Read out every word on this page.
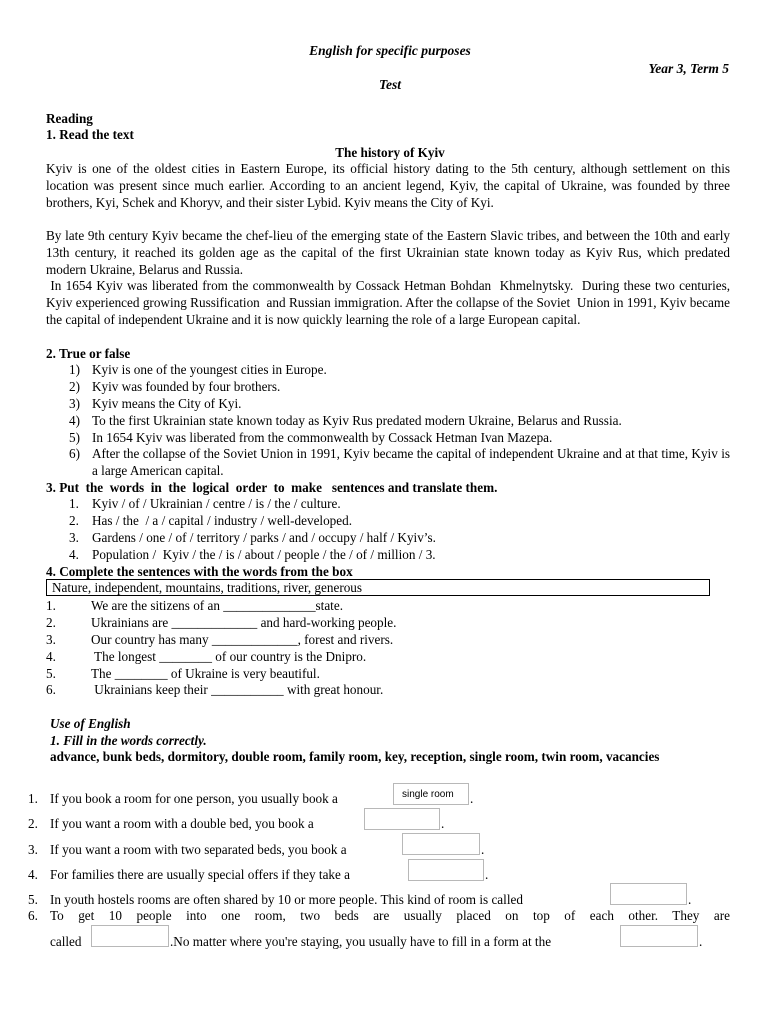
English for specific purposes
Year 3, Term 5
Test
Reading
1. Read the text
The history of Kyiv
Kyiv is one of the oldest cities in Eastern Europe, its official history dating to the 5th century, although settlement on this location was present since much earlier. According to an ancient legend, Kyiv, the capital of Ukraine, was founded by three brothers, Kyi, Schek and Khoryv, and their sister Lybid. Kyiv means the City of Kyi.
By late 9th century Kyiv became the chef-lieu of the emerging state of the Eastern Slavic tribes, and between the 10th and early 13th century, it reached its golden age as the capital of the first Ukrainian state known today as Kyiv Rus, which predated modern Ukraine, Belarus and Russia.
In 1654 Kyiv was liberated from the commonwealth by Cossack Hetman Bohdan  Khmelnytsky.  During these two centuries, Kyiv experienced growing Russification  and Russian immigration. After the collapse of the Soviet  Union in 1991, Kyiv became the capital of independent Ukraine and it is now quickly learning the role of a large European capital.
2. True or false
1) Kyiv is one of the youngest cities in Europe.
2) Kyiv was founded by four brothers.
3) Kyiv means the City of Kyi.
4) To the first Ukrainian state known today as Kyiv Rus predated modern Ukraine, Belarus and Russia.
5) In 1654 Kyiv was liberated from the commonwealth by Cossack Hetman Ivan Mazepa.
6) After the collapse of the Soviet Union in 1991, Kyiv became the capital of independent Ukraine and at that time, Kyiv is a large American capital.
3. Put  the  words  in  the  logical  order  to  make   sentences and translate them.
1. Kyiv / of / Ukrainian / centre / is / the / culture.
2. Has / the  / a / capital / industry / well-developed.
3. Gardens / one / of / territory / parks / and / occupy / half / Kyiv’s.
4. Population /  Kyiv / the / is / about / people / the / of / million / 3.
4. Complete the sentences with the words from the box
Nature, independent, mountains, traditions, river, generous
1.	We are the sitizens of an ______________state.
2.	Ukrainians are _____________ and hard-working people.
3.	Our country has many _____________, forest and rivers.
4.	The longest ________ of our country is the Dnipro.
5.	The ________ of Ukraine is very beautiful.
6.	Ukrainians keep their ___________ with great honour.
Use of English
1. Fill in the words correctly.
advance, bunk beds, dormitory, double room, family room, key, reception, single room, twin room, vacancies
1. If you book a room for one person, you usually book a	single room	.
2. If you want a room with a double bed, you book a	.
3. If you want a room with two separated beds, you book a	.
4. For families there are usually special offers if they take a	.
5. In youth hostels rooms are often shared by 10 or more people. This kind of room is called	.
6. To get 10 people into one room, two beds are usually placed on top of each other. They are
called	.No matter where you're staying, you usually have to fill in a form at the	.
